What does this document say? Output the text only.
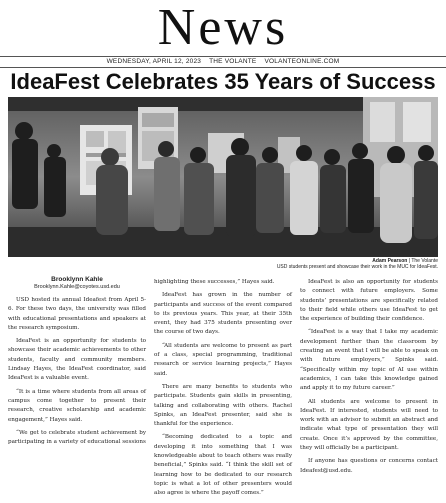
News
WEDNESDAY, APRIL 12, 2023 THE VOLANTE VOLANTEONLINE.COM
IdeaFest Celebrates 35 Years of Success
Adam Pearson | The Volante
USD students present and showcase their work in the MUC for IdeaFest.
Brooklynn Kahle
Brooklynn.Kahle@coyotes.usd.edu

USD hosted its annual Ideafest from April 5-6. For these two days, the university was filled with educational presentations and speakers at the research symposium.

IdeaFest is an opportunity for students to showcase their academic achievements to other students, faculty and community members. Lindsay Hayes, the IdeaFest coordinator, said IdeaFest is a valuable event.

“It is a time where students from all areas of campus come together to present their research, creative scholarship and academic engagement,” Hayes said.

“We get to celebrate student achievement by participating in a variety of educational sessions

highlighting these successes,” Hayes said.

IdeaFest has grown in the number of participants and success of the event compared to its previous years. This year, at their 35th event, they had 375 students presenting over the course of two days.

“All students are welcome to present as part of a class, special programming, traditional research or service learning projects,” Hayes said.

There are many benefits to students who participate. Students gain skills in presenting, talking and collaborating with others. Rachel Spinks, an IdeaFest presenter, said she is thankful for the experience.

“Becoming dedicated to a topic and developing it into something that I was knowledgeable about to teach others was really beneficial,” Spinks said. “I think the skill set of learning how to be dedicated to our research topic is what a lot of other presenters would also agree is where the payoff comes.”

IdeaFest is also an opportunity for students to connect with future employers. Some students’ presentations are specifically related to their field while others use IdeaFest to get the experience of building their confidence.

“IdeaFest is a way that I take my academic development further than the classroom by creating an event that I will be able to speak on with future employers,” Spinks said. “Specifically within my topic of AI use within academics, I can take this knowledge gained and apply it to my future career.”

All students are welcome to present in IdeaFest. If interested, students will need to work with an advisor to submit an abstract and indicate what type of presentation they will create. Once it’s approved by the committee, they will officially be a participant.

If anyone has questions or concerns contact Ideafest@usd.edu.
